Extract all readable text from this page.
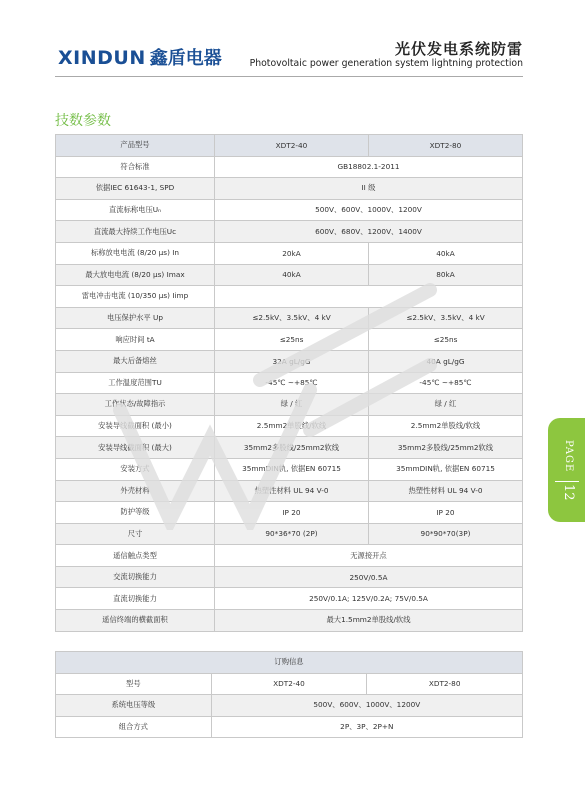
XINDUN 鑫盾电器	光伏发电系统防雷
Photovoltaic power generation system lightning protection
技数参数
产品型号	XDT2-40	XDT2-80
符合标准	GB18802.1-2011	
依据IEC 61643-1, SPD	II 级	
直流标称电压Uₙ	500V、600V、1000V、1200V	
直流最大持续工作电压Uc	600V、680V、1200V、1400V	
标称放电电流 (8/20 μs) In	20kA	40kA
最大放电电流 (8/20 μs) Imax	40kA	80kA
雷电冲击电流 (10/350 μs) Iimp		
电压保护水平 Up	≤2.5kV、3.5kV、4 kV	≤2.5kV、3.5kV、4 kV
响应时间 tA	≤25ns	≤25ns
最大后备熔丝	32A gL/gG	40A gL/gG
工作温度范围TU	-45℃ ~+85℃	-45℃ ~+85℃
工作状态/故障指示	绿 / 红	绿 / 红
安装导线截面积 (最小)	2.5mm2单股线/软线	2.5mm2单股线/软线
安装导线截面积 (最大)	35mm2多股线/25mm2软线	35mm2多股线/25mm2软线
安装方式	35mmDIN轨, 依据EN 60715	35mmDIN轨, 依据EN 60715
外壳材料	热塑性材料 UL 94 V-0	热塑性材料 UL 94 V-0
防护等级	IP 20	IP 20
尺寸	90*36*70 (2P)	90*90*70(3P)
遥信触点类型	无源接开点	
交流切换能力	250V/0.5A	
直流切换能力	250V/0.1A; 125V/0.2A; 75V/0.5A	
遥信终端的横截面积	最大1.5mm2单股线/软线	
订购信息		
型号	XDT2-40	XDT2-80
系统电压等级	500V、600V、1000V、1200V	
组合方式	2P、3P、2P+N	
PAGE
12
